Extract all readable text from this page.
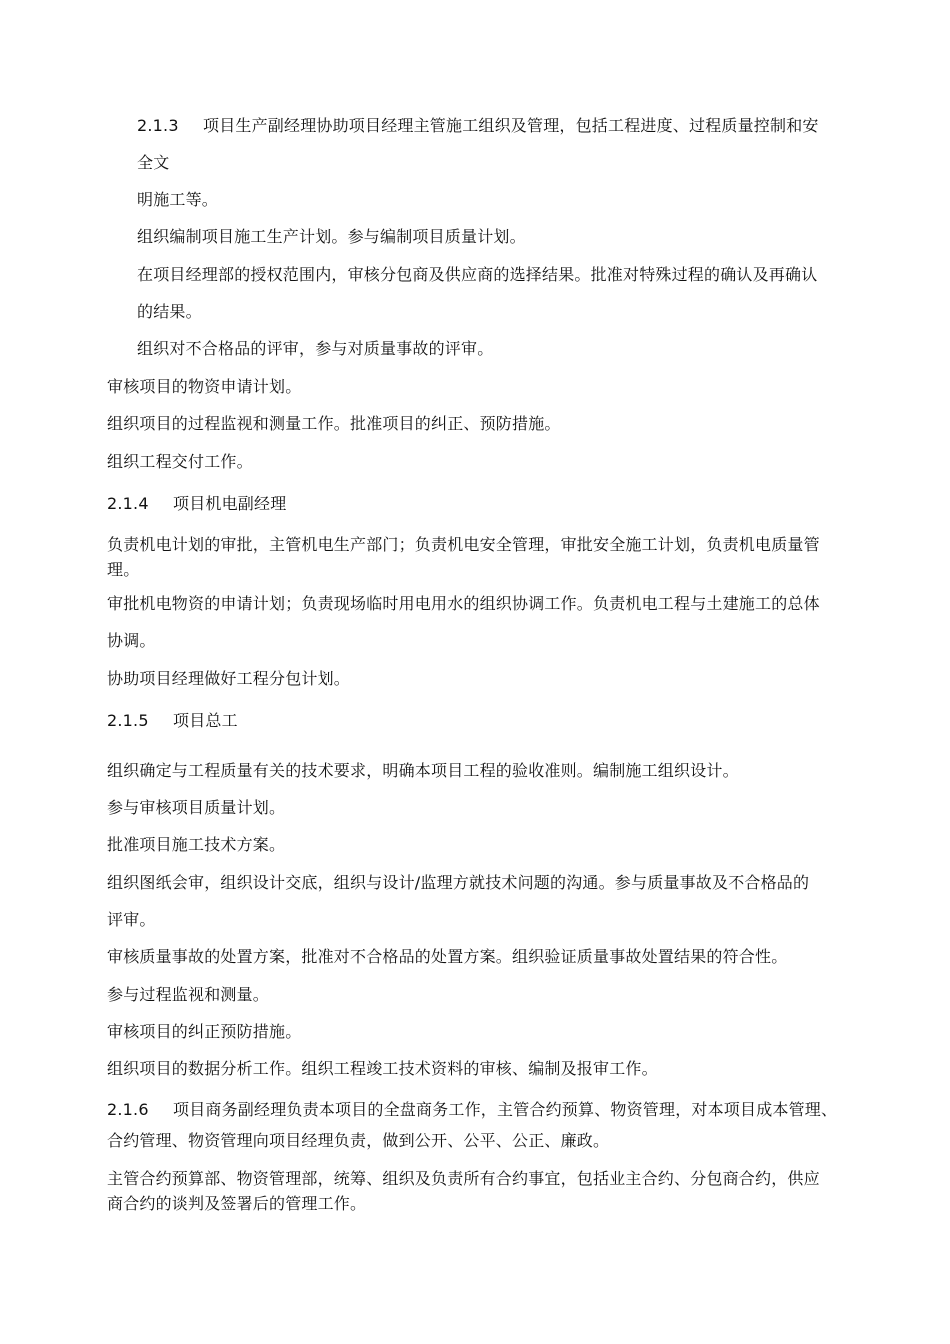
2.1.3 项目生产副经理协助项目经理主管施工组织及管理，包括工程进度、过程质量控制和安
全文
明施工等。
组织编制项目施工生产计划。参与编制项目质量计划。
在项目经理部的授权范围内，审核分包商及供应商的选择结果。批准对特殊过程的确认及再确认
的结果。
组织对不合格品的评审，参与对质量事故的评审。
审核项目的物资申请计划。
组织项目的过程监视和测量工作。批准项目的纠正、预防措施。
组织工程交付工作。
2.1.4 项目机电副经理
负责机电计划的审批，主管机电生产部门；负责机电安全管理，审批安全施工计划，负责机电质量管
理。
审批机电物资的申请计划；负责现场临时用电用水的组织协调工作。负责机电工程与土建施工的总体
协调。
协助项目经理做好工程分包计划。
2.1.5 项目总工
组织确定与工程质量有关的技术要求，明确本项目工程的验收准则。编制施工组织设计。
参与审核项目质量计划。
批准项目施工技术方案。
组织图纸会审，组织设计交底，组织与设计/监理方就技术问题的沟通。参与质量事故及不合格品的
评审。
审核质量事故的处置方案，批准对不合格品的处置方案。组织验证质量事故处置结果的符合性。
参与过程监视和测量。
审核项目的纠正预防措施。
组织项目的数据分析工作。组织工程竣工技术资料的审核、编制及报审工作。
2.1.6 项目商务副经理负责本项目的全盘商务工作，主管合约预算、物资管理，对本项目成本管理、
合约管理、物资管理向项目经理负责，做到公开、公平、公正、廉政。
主管合约预算部、物资管理部，统筹、组织及负责所有合约事宜，包括业主合约、分包商合约，供应
商合约的谈判及签署后的管理工作。
